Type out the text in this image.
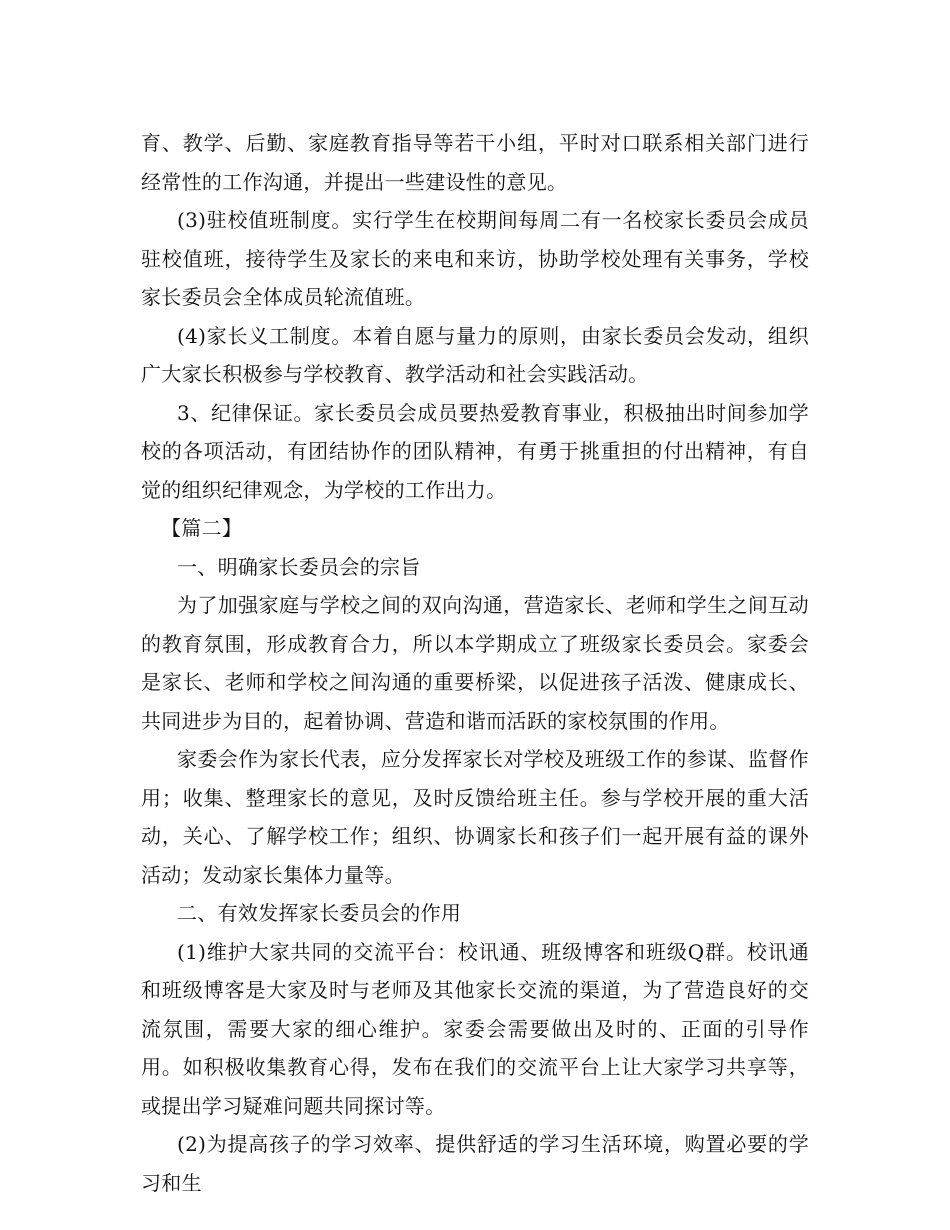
育、教学、后勤、家庭教育指导等若干小组，平时对口联系相关部门进行经常性的工作沟通，并提出一些建设性的意见。

(3)驻校值班制度。实行学生在校期间每周二有一名校家长委员会成员驻校值班，接待学生及家长的来电和来访，协助学校处理有关事务，学校家长委员会全体成员轮流值班。

(4)家长义工制度。本着自愿与量力的原则，由家长委员会发动，组织广大家长积极参与学校教育、教学活动和社会实践活动。

3、纪律保证。家长委员会成员要热爱教育事业，积极抽出时间参加学校的各项活动，有团结协作的团队精神，有勇于挑重担的付出精神，有自觉的组织纪律观念，为学校的工作出力。

【篇二】

一、明确家长委员会的宗旨

为了加强家庭与学校之间的双向沟通，营造家长、老师和学生之间互动的教育氛围，形成教育合力，所以本学期成立了班级家长委员会。家委会是家长、老师和学校之间沟通的重要桥梁，以促进孩子活泼、健康成长、共同进步为目的，起着协调、营造和谐而活跃的家校氛围的作用。

家委会作为家长代表，应分发挥家长对学校及班级工作的参谋、监督作用；收集、整理家长的意见，及时反馈给班主任。参与学校开展的重大活动，关心、了解学校工作；组织、协调家长和孩子们一起开展有益的课外活动；发动家长集体力量等。

二、有效发挥家长委员会的作用

(1)维护大家共同的交流平台：校讯通、班级博客和班级Q群。校讯通和班级博客是大家及时与老师及其他家长交流的渠道，为了营造良好的交流氛围，需要大家的细心维护。家委会需要做出及时的、正面的引导作用。如积极收集教育心得，发布在我们的交流平台上让大家学习共享等，或提出学习疑难问题共同探讨等。

(2)为提高孩子的学习效率、提供舒适的学习生活环境，购置必要的学习和生
